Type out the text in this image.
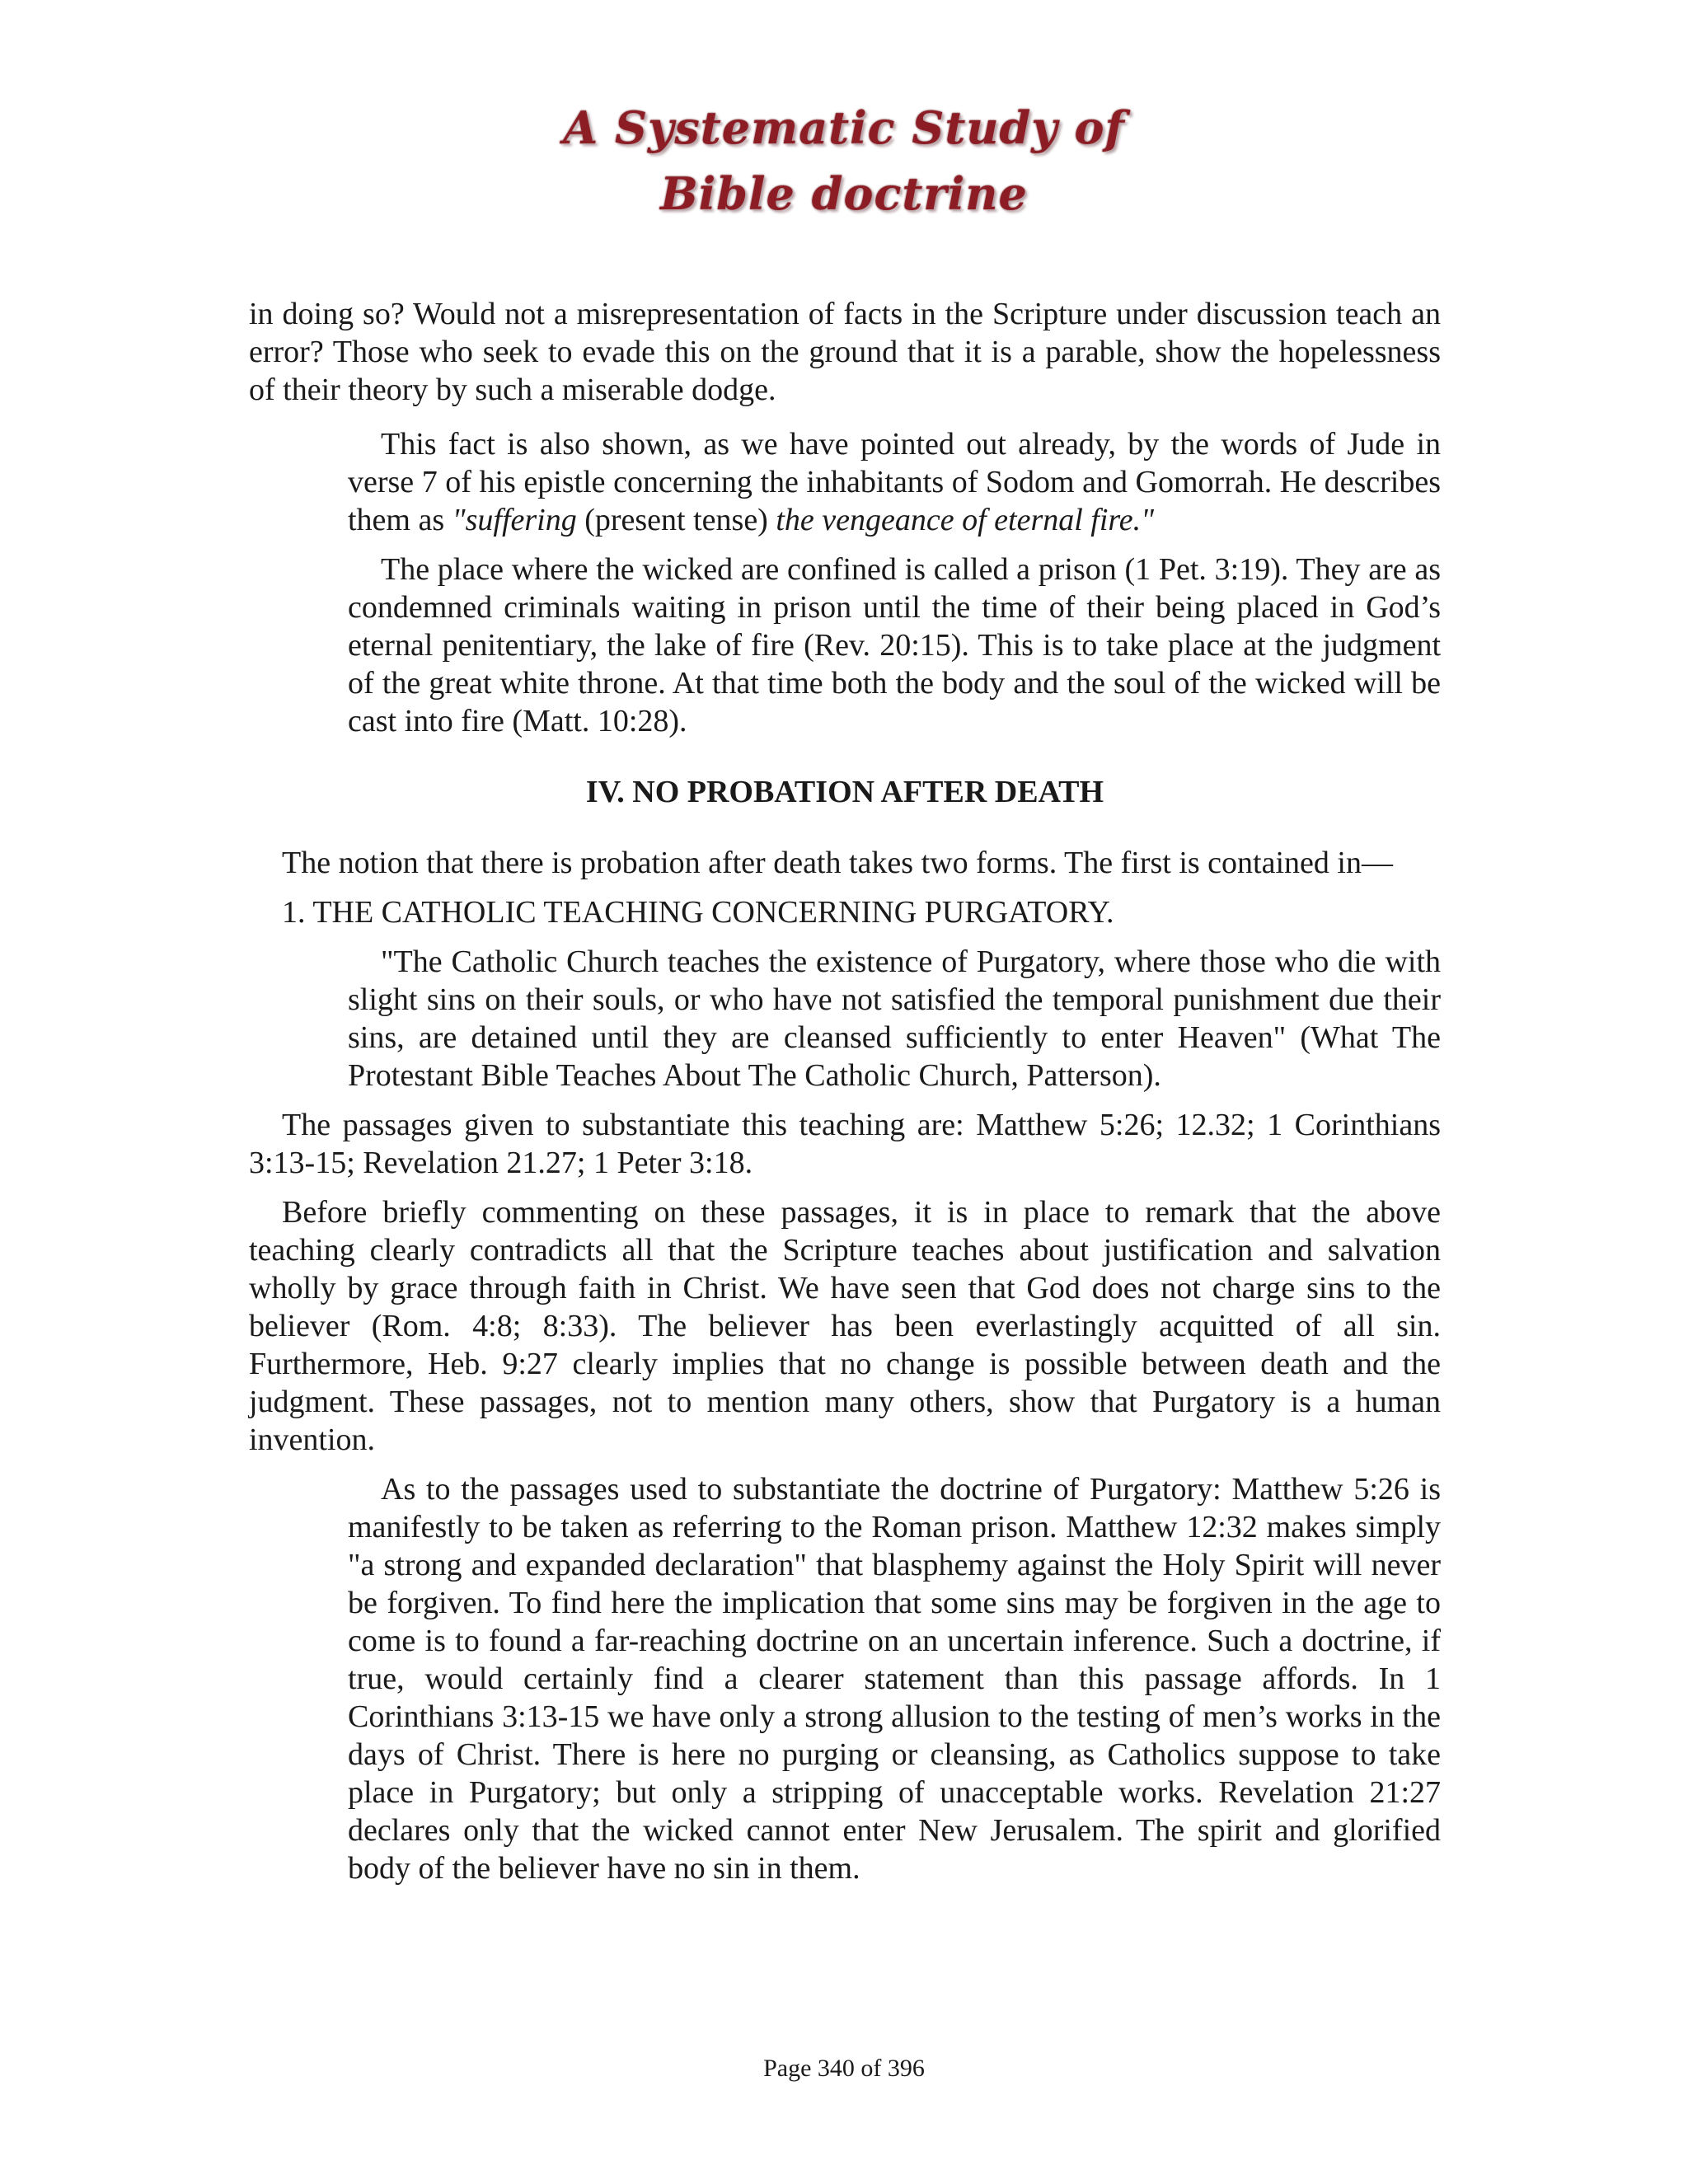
A Systematic Study of
Bible doctrine

in doing so? Would not a misrepresentation of facts in the Scripture under discussion teach an error? Those who seek to evade this on the ground that it is a parable, show the hopelessness of their theory by such a miserable dodge.

This fact is also shown, as we have pointed out already, by the words of Jude in verse 7 of his epistle concerning the inhabitants of Sodom and Gomorrah. He describes them as "suffering (present tense) the vengeance of eternal fire."

The place where the wicked are confined is called a prison (1 Pet. 3:19). They are as condemned criminals waiting in prison until the time of their being placed in God’s eternal penitentiary, the lake of fire (Rev. 20:15). This is to take place at the judgment of the great white throne. At that time both the body and the soul of the wicked will be cast into fire (Matt. 10:28).

IV. NO PROBATION AFTER DEATH

The notion that there is probation after death takes two forms. The first is contained in—

1. THE CATHOLIC TEACHING CONCERNING PURGATORY.

"The Catholic Church teaches the existence of Purgatory, where those who die with slight sins on their souls, or who have not satisfied the temporal punishment due their sins, are detained until they are cleansed sufficiently to enter Heaven" (What The Protestant Bible Teaches About The Catholic Church, Patterson).

The passages given to substantiate this teaching are: Matthew 5:26; 12.32; 1 Corinthians 3:13-15; Revelation 21.27; 1 Peter 3:18.

Before briefly commenting on these passages, it is in place to remark that the above teaching clearly contradicts all that the Scripture teaches about justification and salvation wholly by grace through faith in Christ. We have seen that God does not charge sins to the believer (Rom. 4:8; 8:33). The believer has been everlastingly acquitted of all sin. Furthermore, Heb. 9:27 clearly implies that no change is possible between death and the judgment. These passages, not to mention many others, show that Purgatory is a human invention.

As to the passages used to substantiate the doctrine of Purgatory: Matthew 5:26 is manifestly to be taken as referring to the Roman prison. Matthew 12:32 makes simply "a strong and expanded declaration" that blasphemy against the Holy Spirit will never be forgiven. To find here the implication that some sins may be forgiven in the age to come is to found a far-reaching doctrine on an uncertain inference. Such a doctrine, if true, would certainly find a clearer statement than this passage affords. In 1 Corinthians 3:13-15 we have only a strong allusion to the testing of men’s works in the days of Christ. There is here no purging or cleansing, as Catholics suppose to take place in Purgatory; but only a stripping of unacceptable works. Revelation 21:27 declares only that the wicked cannot enter New Jerusalem. The spirit and glorified body of the believer have no sin in them.

Page 340 of 396
